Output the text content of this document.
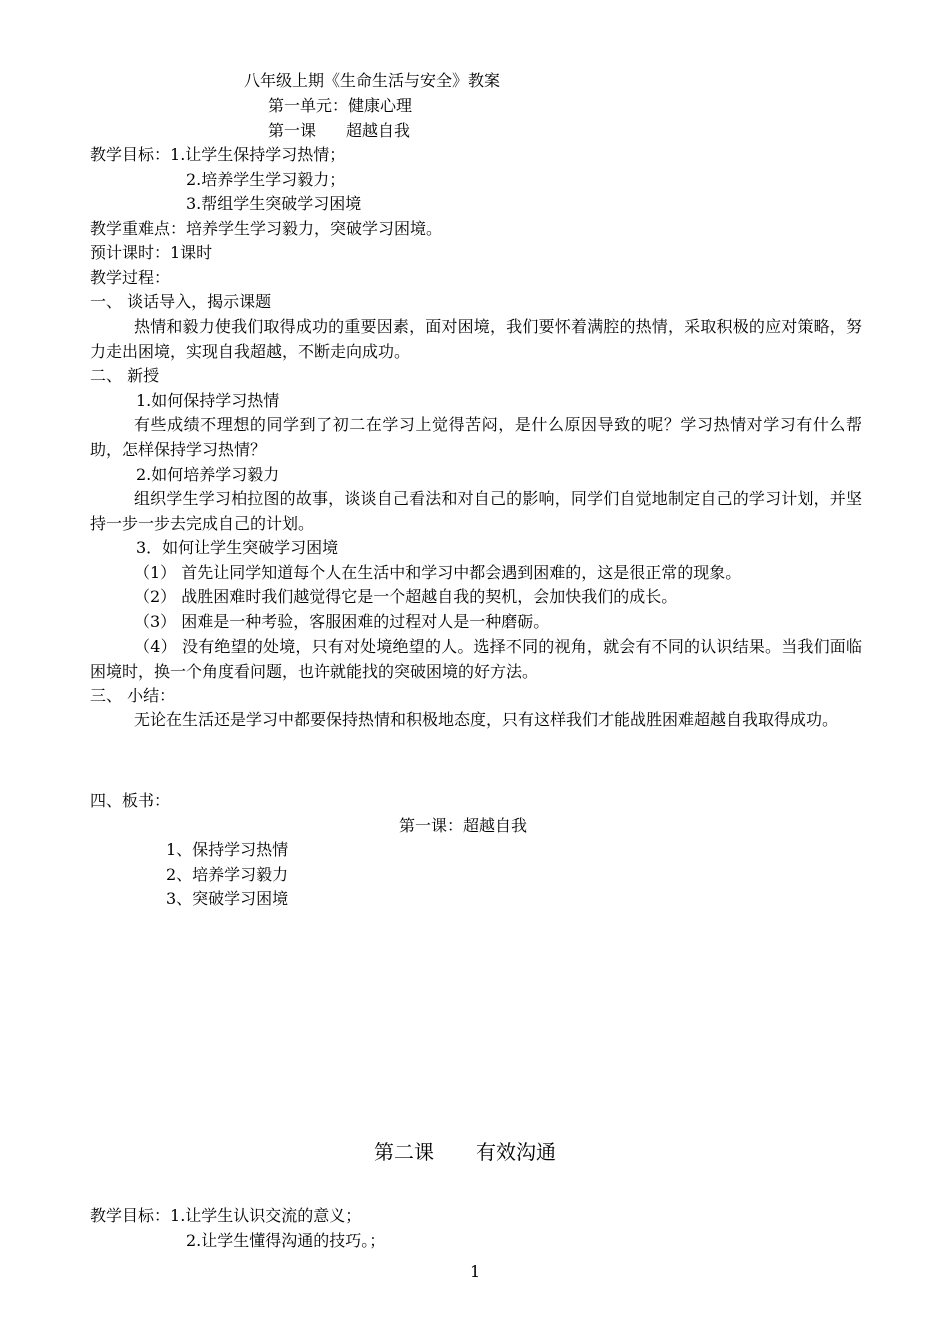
八年级上期《生命生活与安全》教案
第一单元：健康心理
第一课 超越自我
教学目标：1.让学生保持学习热情；
2.培养学生学习毅力；
3.帮组学生突破学习困境
教学重难点：培养学生学习毅力，突破学习困境。
预计课时：1课时
教学过程：
一、 谈话导入，揭示课题
热情和毅力使我们取得成功的重要因素，面对困境，我们要怀着满腔的热情，采取积极的应对策略，努力走出困境，实现自我超越，不断走向成功。
二、 新授
1.如何保持学习热情
有些成绩不理想的同学到了初二在学习上觉得苦闷，是什么原因导致的呢？学习热情对学习有什么帮助，怎样保持学习热情？
2.如何培养学习毅力
组织学生学习柏拉图的故事，谈谈自己看法和对自己的影响，同学们自觉地制定自己的学习计划，并坚持一步一步去完成自己的计划。
3．如何让学生突破学习困境
（1） 首先让同学知道每个人在生活中和学习中都会遇到困难的，这是很正常的现象。
（2） 战胜困难时我们越觉得它是一个超越自我的契机，会加快我们的成长。
（3） 困难是一种考验，客服困难的过程对人是一种磨砺。
（4） 没有绝望的处境，只有对处境绝望的人。选择不同的视角，就会有不同的认识结果。当我们面临困境时，换一个角度看问题，也许就能找的突破困境的好方法。
三、 小结：
无论在生活还是学习中都要保持热情和积极地态度，只有这样我们才能战胜困难超越自我取得成功。
四、板书：
第一课：超越自我
1、保持学习热情
2、培养学习毅力
3、突破学习困境
第二课 有效沟通
教学目标：1.让学生认识交流的意义；
2.让学生懂得沟通的技巧。；
1
